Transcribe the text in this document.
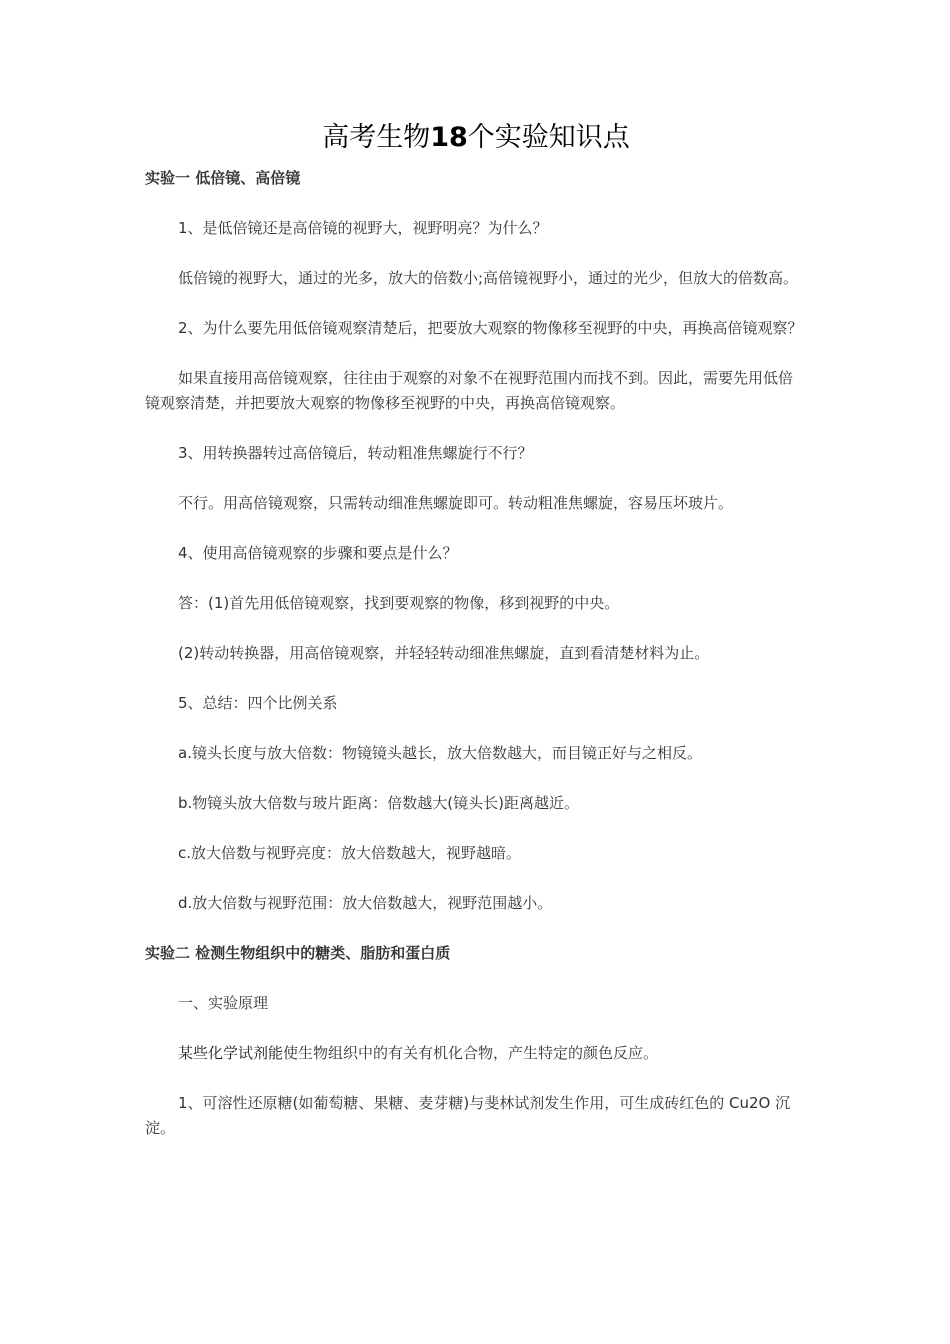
高考生物18个实验知识点
实验一 低倍镜、高倍镜
1、是低倍镜还是高倍镜的视野大，视野明亮？为什么？
低倍镜的视野大，通过的光多，放大的倍数小;高倍镜视野小，通过的光少，但放大的倍数高。
2、为什么要先用低倍镜观察清楚后，把要放大观察的物像移至视野的中央，再换高倍镜观察？
如果直接用高倍镜观察，往往由于观察的对象不在视野范围内而找不到。因此，需要先用低倍镜观察清楚，并把要放大观察的物像移至视野的中央，再换高倍镜观察。
3、用转换器转过高倍镜后，转动粗准焦螺旋行不行？
不行。用高倍镜观察，只需转动细准焦螺旋即可。转动粗准焦螺旋，容易压坏玻片。
4、使用高倍镜观察的步骤和要点是什么？
答：(1)首先用低倍镜观察，找到要观察的物像，移到视野的中央。
(2)转动转换器，用高倍镜观察，并轻轻转动细准焦螺旋，直到看清楚材料为止。
5、总结：四个比例关系
a.镜头长度与放大倍数：物镜镜头越长，放大倍数越大，而目镜正好与之相反。
b.物镜头放大倍数与玻片距离：倍数越大(镜头长)距离越近。
c.放大倍数与视野亮度：放大倍数越大，视野越暗。
d.放大倍数与视野范围：放大倍数越大，视野范围越小。
实验二 检测生物组织中的糖类、脂肪和蛋白质
一、实验原理
某些化学试剂能使生物组织中的有关有机化合物，产生特定的颜色反应。
1、可溶性还原糖(如葡萄糖、果糖、麦芽糖)与斐林试剂发生作用，可生成砖红色的 Cu2O 沉淀。
